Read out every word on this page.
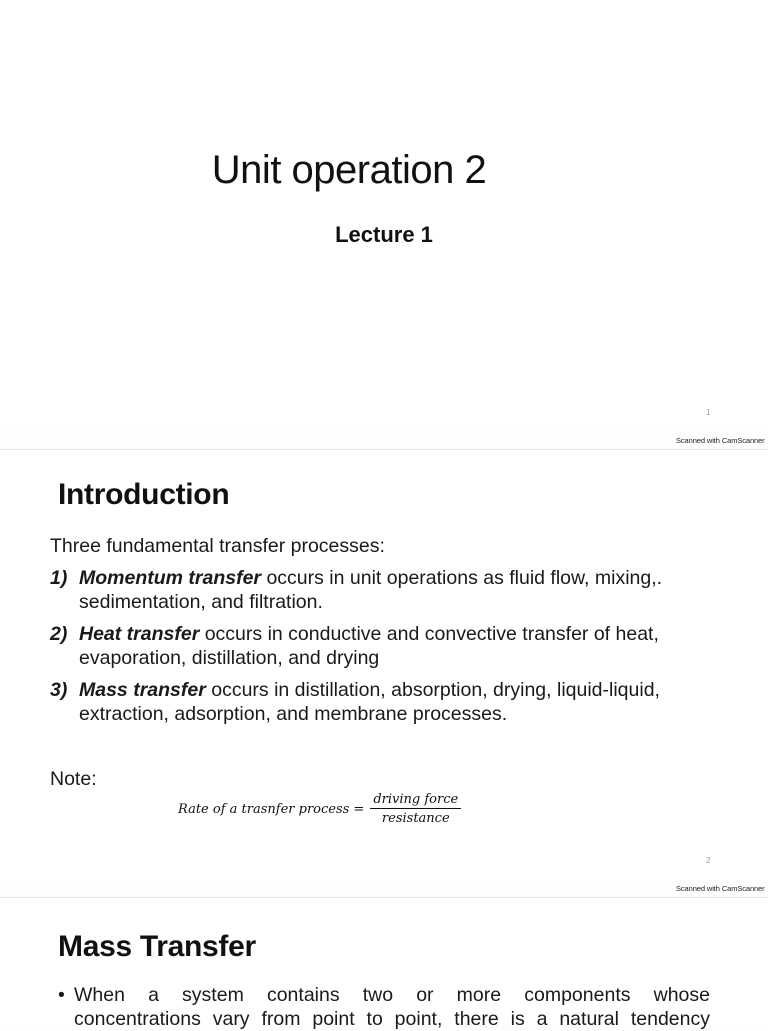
Unit operation 2
Lecture 1
1
Scanned with CamScanner
Introduction
Three fundamental transfer processes:
1) Momentum transfer occurs in unit operations as fluid flow, mixing,.
sedimentation, and filtration.
2) Heat transfer occurs in conductive and convective transfer of heat,
evaporation, distillation, and drying
3) Mass transfer occurs in distillation, absorption, drying, liquid-liquid,
extraction, adsorption, and membrane processes.
Note:
Rate of a trasnfer process = $\frac{\text{driving force}}{\text{resistance}}$
2
Scanned with CamScanner
Mass Transfer
• When a system contains two or more components whose
concentrations vary from point to point, there is a natural tendency
